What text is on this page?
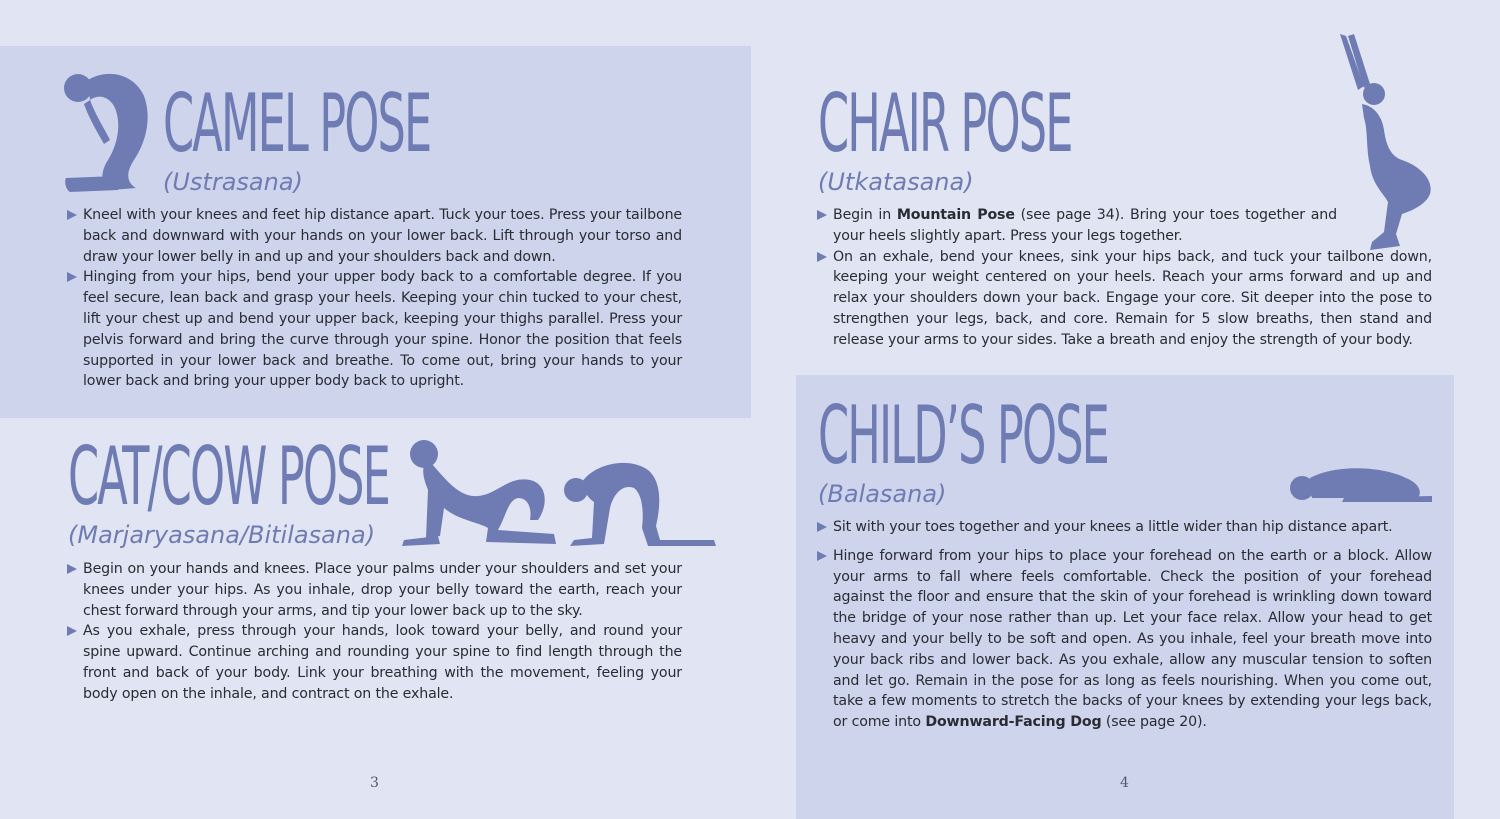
CAMEL POSE
(Ustrasana)
Kneel with your knees and feet hip distance apart. Tuck your toes. Press your tailbone back and downward with your hands on your lower back. Lift through your torso and draw your lower belly in and up and your shoulders back and down.
Hinging from your hips, bend your upper body back to a comfortable degree. If you feel secure, lean back and grasp your heels. Keeping your chin tucked to your chest, lift your chest up and bend your upper back, keeping your thighs parallel. Press your pelvis forward and bring the curve through your spine. Honor the position that feels supported in your lower back and breathe. To come out, bring your hands to your lower back and bring your upper body back to upright.
CAT/COW POSE
(Marjaryasana/Bitilasana)
Begin on your hands and knees. Place your palms under your shoulders and set your knees under your hips. As you inhale, drop your belly toward the earth, reach your chest forward through your arms, and tip your lower back up to the sky.
As you exhale, press through your hands, look toward your belly, and round your spine upward. Continue arching and rounding your spine to find length through the front and back of your body. Link your breathing with the movement, feeling your body open on the inhale, and contract on the exhale.
3
CHAIR POSE
(Utkatasana)
Begin in Mountain Pose (see page 34). Bring your toes together and your heels slightly apart. Press your legs together.
On an exhale, bend your knees, sink your hips back, and tuck your tailbone down, keeping your weight centered on your heels. Reach your arms forward and up and relax your shoulders down your back. Engage your core. Sit deeper into the pose to strengthen your legs, back, and core. Remain for 5 slow breaths, then stand and release your arms to your sides. Take a breath and enjoy the strength of your body.
CHILD’S POSE
(Balasana)
Sit with your toes together and your knees a little wider than hip distance apart.
Hinge forward from your hips to place your forehead on the earth or a block. Allow your arms to fall where feels comfortable. Check the position of your forehead against the floor and ensure that the skin of your forehead is wrinkling down toward the bridge of your nose rather than up. Let your face relax. Allow your head to get heavy and your belly to be soft and open. As you inhale, feel your breath move into your back ribs and lower back. As you exhale, allow any muscular tension to soften and let go. Remain in the pose for as long as feels nourishing. When you come out, take a few moments to stretch the backs of your knees by extending your legs back, or come into Downward-Facing Dog (see page 20).
4
